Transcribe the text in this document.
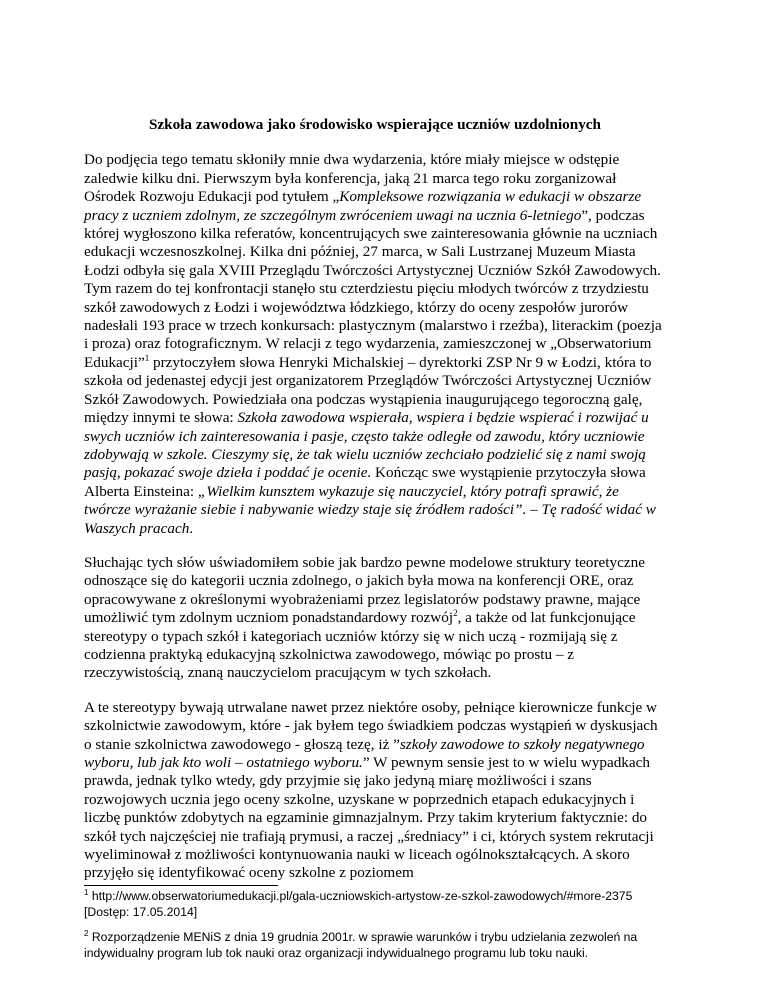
Szkoła zawodowa jako środowisko wspierające uczniów uzdolnionych

Do podjęcia tego tematu skłoniły mnie dwa wydarzenia, które miały miejsce w odstępie zaledwie kilku dni. Pierwszym była konferencja, jaką 21 marca tego roku zorganizował Ośrodek Rozwoju Edukacji pod tytułem „Kompleksowe rozwiązania w edukacji w obszarze pracy z uczniem zdolnym, ze szczególnym zwróceniem uwagi na ucznia 6-letniego”, podczas której wygłoszono kilka referatów, koncentrujących swe zainteresowania głównie na uczniach edukacji wczesnoszkolnej. Kilka dni później, 27 marca, w Sali Lustrzanej Muzeum Miasta Łodzi odbyła się gala XVIII Przeglądu Twórczości Artystycznej Uczniów Szkół Zawodowych. Tym razem do tej konfrontacji stanęło stu czterdziestu pięciu młodych twórców z trzydziestu szkół zawodowych z Łodzi i województwa łódzkiego, którzy do oceny zespołów jurorów nadesłali 193 prace w trzech konkursach: plastycznym (malarstwo i rzeźba), literackim (poezja i proza) oraz fotograficznym. W relacji z tego wydarzenia, zamieszczonej w „Obserwatorium Edukacji”$^1$ przytoczyłem słowa Henryki Michalskiej – dyrektorki ZSP Nr 9 w Łodzi, która to szkoła od jedenastej edycji jest organizatorem Przeglądów Twórczości Artystycznej Uczniów Szkół Zawodowych. Powiedziała ona podczas wystąpienia inaugurującego tegoroczną galę, między innymi te słowa: Szkoła zawodowa wspierała, wspiera i będzie wspierać i rozwijać u swych uczniów ich zainteresowania i pasje, często także odległe od zawodu, który uczniowie zdobywają w szkole. Cieszymy się, że tak wielu uczniów zechciało podzielić się z nami swoją pasją, pokazać swoje dzieła i poddać je ocenie. Kończąc swe wystąpienie przytoczyła słowa Alberta Einsteina: „Wielkim kunsztem wykazuje się nauczyciel, który potrafi sprawić, że twórcze wyrażanie siebie i nabywanie wiedzy staje się źródłem radości”. – Tę radość widać w Waszych pracach.

Słuchając tych słów uświadomiłem sobie jak bardzo pewne modelowe struktury teoretyczne odnoszące się do kategorii ucznia zdolnego, o jakich była mowa na konferencji ORE, oraz opracowywane z określonymi wyobrażeniami przez legislatorów podstawy prawne, mające umożliwić tym zdolnym uczniom ponadstandardowy rozwój$^2$, a także od lat funkcjonujące stereotypy o typach szkół i kategoriach uczniów którzy się w nich uczą - rozmijają się z codzienna praktyką edukacyjną szkolnictwa zawodowego, mówiąc po prostu – z rzeczywistością, znaną nauczycielom pracującym w tych szkołach.

A te stereotypy bywają utrwalane nawet przez niektóre osoby, pełniące kierownicze funkcje w szkolnictwie zawodowym, które - jak byłem tego świadkiem podczas wystąpień w dyskusjach o stanie szkolnictwa zawodowego - głoszą tezę, iż ”szkoły zawodowe to szkoły negatywnego wyboru, lub jak kto woli – ostatniego wyboru.” W pewnym sensie jest to w wielu wypadkach prawda, jednak tylko wtedy, gdy przyjmie się jako jedyną miarę możliwości i szans rozwojowych ucznia jego oceny szkolne, uzyskane w poprzednich etapach edukacyjnych i liczbę punktów zdobytych na egzaminie gimnazjalnym. Przy takim kryterium faktycznie: do szkół tych najczęściej nie trafiają prymusi, a raczej „średniacy” i ci, których system rekrutacji wyeliminował z możliwości kontynuowania nauki w liceach ogólnokształcących. A skoro przyjęło się identyfikować oceny szkolne z poziomem

$^1$ http://www.obserwatoriumedukacji.pl/gala-uczniowskich-artystow-ze-szkol-zawodowych/#more-2375 [Dostęp: 17.05.2014]

$^2$ Rozporządzenie MENiS z dnia 19 grudnia 2001r. w sprawie warunków i trybu udzielania zezwoleń na indywidualny program lub tok nauki oraz organizacji indywidualnego programu lub toku nauki.
